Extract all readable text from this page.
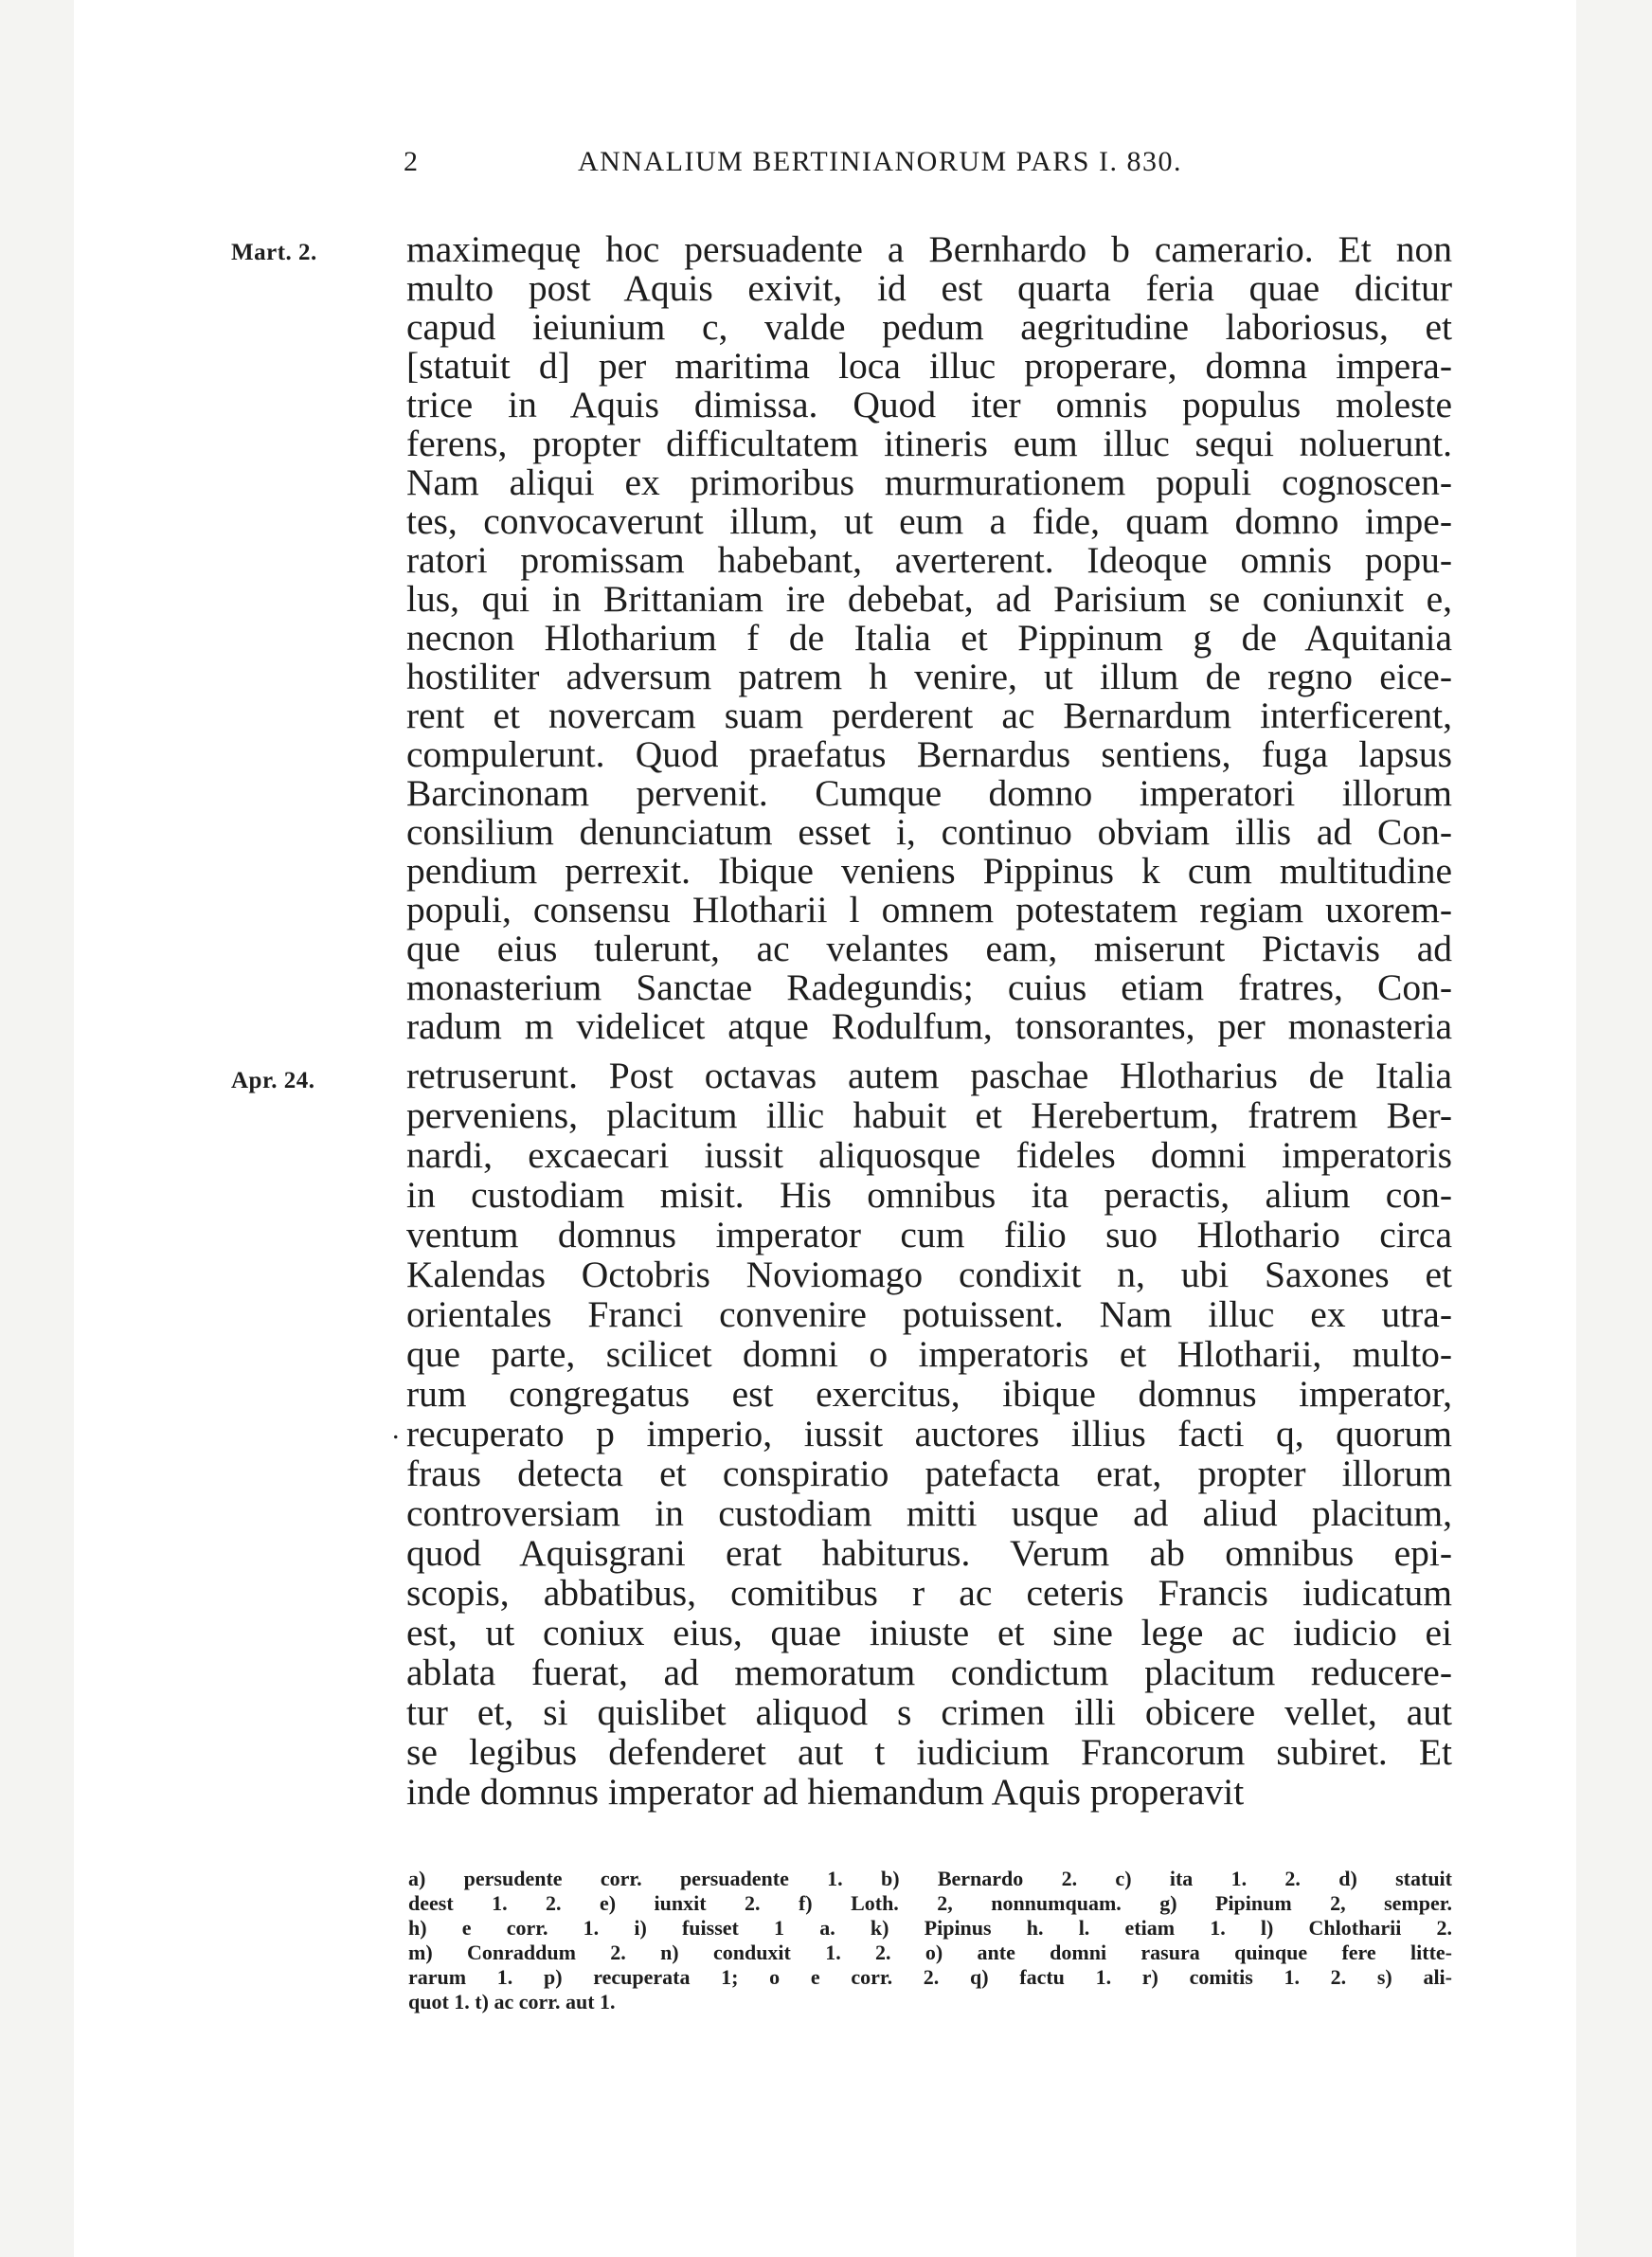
2	ANNALIUM BERTINIANORUM PARS I. 830.
Mart. 2.
Apr. 24.
.
maximequę hoc persuadente a Bernhardo b camerario. Et non
multo post Aquis exivit, id est quarta feria quae dicitur
capud ieiunium c, valde pedum aegritudine laboriosus, et
[statuit d] per maritima loca illuc properare, domna impera-
trice in Aquis dimissa. Quod iter omnis populus moleste
ferens, propter difficultatem itineris eum illuc sequi noluerunt.
Nam aliqui ex primoribus murmurationem populi cognoscen-
tes, convocaverunt illum, ut eum a fide, quam domno impe-
ratori promissam habebant, averterent. Ideoque omnis popu-
lus, qui in Brittaniam ire debebat, ad Parisium se coniunxit e,
necnon Hlotharium f de Italia et Pippinum g de Aquitania
hostiliter adversum patrem h venire, ut illum de regno eice-
rent et novercam suam perderent ac Bernardum interficerent,
compulerunt. Quod praefatus Bernardus sentiens, fuga lapsus
Barcinonam pervenit. Cumque domno imperatori illorum
consilium denunciatum esset i, continuo obviam illis ad Con-
pendium perrexit. Ibique veniens Pippinus k cum multitudine
populi, consensu Hlotharii l omnem potestatem regiam uxorem-
que eius tulerunt, ac velantes eam, miserunt Pictavis ad
monasterium Sanctae Radegundis; cuius etiam fratres, Con-
radum m videlicet atque Rodulfum, tonsorantes, per monasteria
retruserunt. Post octavas autem paschae Hlotharius de Italia
perveniens, placitum illic habuit et Herebertum, fratrem Ber-
nardi, excaecari iussit aliquosque fideles domni imperatoris
in custodiam misit. His omnibus ita peractis, alium con-
ventum domnus imperator cum filio suo Hlothario circa
Kalendas Octobris Noviomago condixit n, ubi Saxones et
orientales Franci convenire potuissent. Nam illuc ex utra-
que parte, scilicet domni o imperatoris et Hlotharii, multo-
rum congregatus est exercitus, ibique domnus imperator,
recuperato p imperio, iussit auctores illius facti q, quorum
fraus detecta et conspiratio patefacta erat, propter illorum
controversiam in custodiam mitti usque ad aliud placitum,
quod Aquisgrani erat habiturus. Verum ab omnibus epi-
scopis, abbatibus, comitibus r ac ceteris Francis iudicatum
est, ut coniux eius, quae iniuste et sine lege ac iudicio ei
ablata fuerat, ad memoratum condictum placitum reducere-
tur et, si quislibet aliquod s crimen illi obicere vellet, aut
se legibus defenderet aut t iudicium Francorum subiret. Et
inde domnus imperator ad hiemandum Aquis properavit
a) persudente corr. persuadente 1. b) Bernardo 2. c) ita 1. 2. d) statuit
deest 1. 2. e) iunxit 2. f) Loth. 2, nonnumquam. g) Pipinum 2, semper.
h) e corr. 1. i) fuisset 1 a. k) Pipinus h. l. etiam 1. l) Chlotharii 2.
m) Conraddum 2. n) conduxit 1. 2. o) ante domni rasura quinque fere litte-
rarum 1. p) recuperata 1; o e corr. 2. q) factu 1. r) comitis 1. 2. s) ali-
quot 1. t) ac corr. aut 1.
